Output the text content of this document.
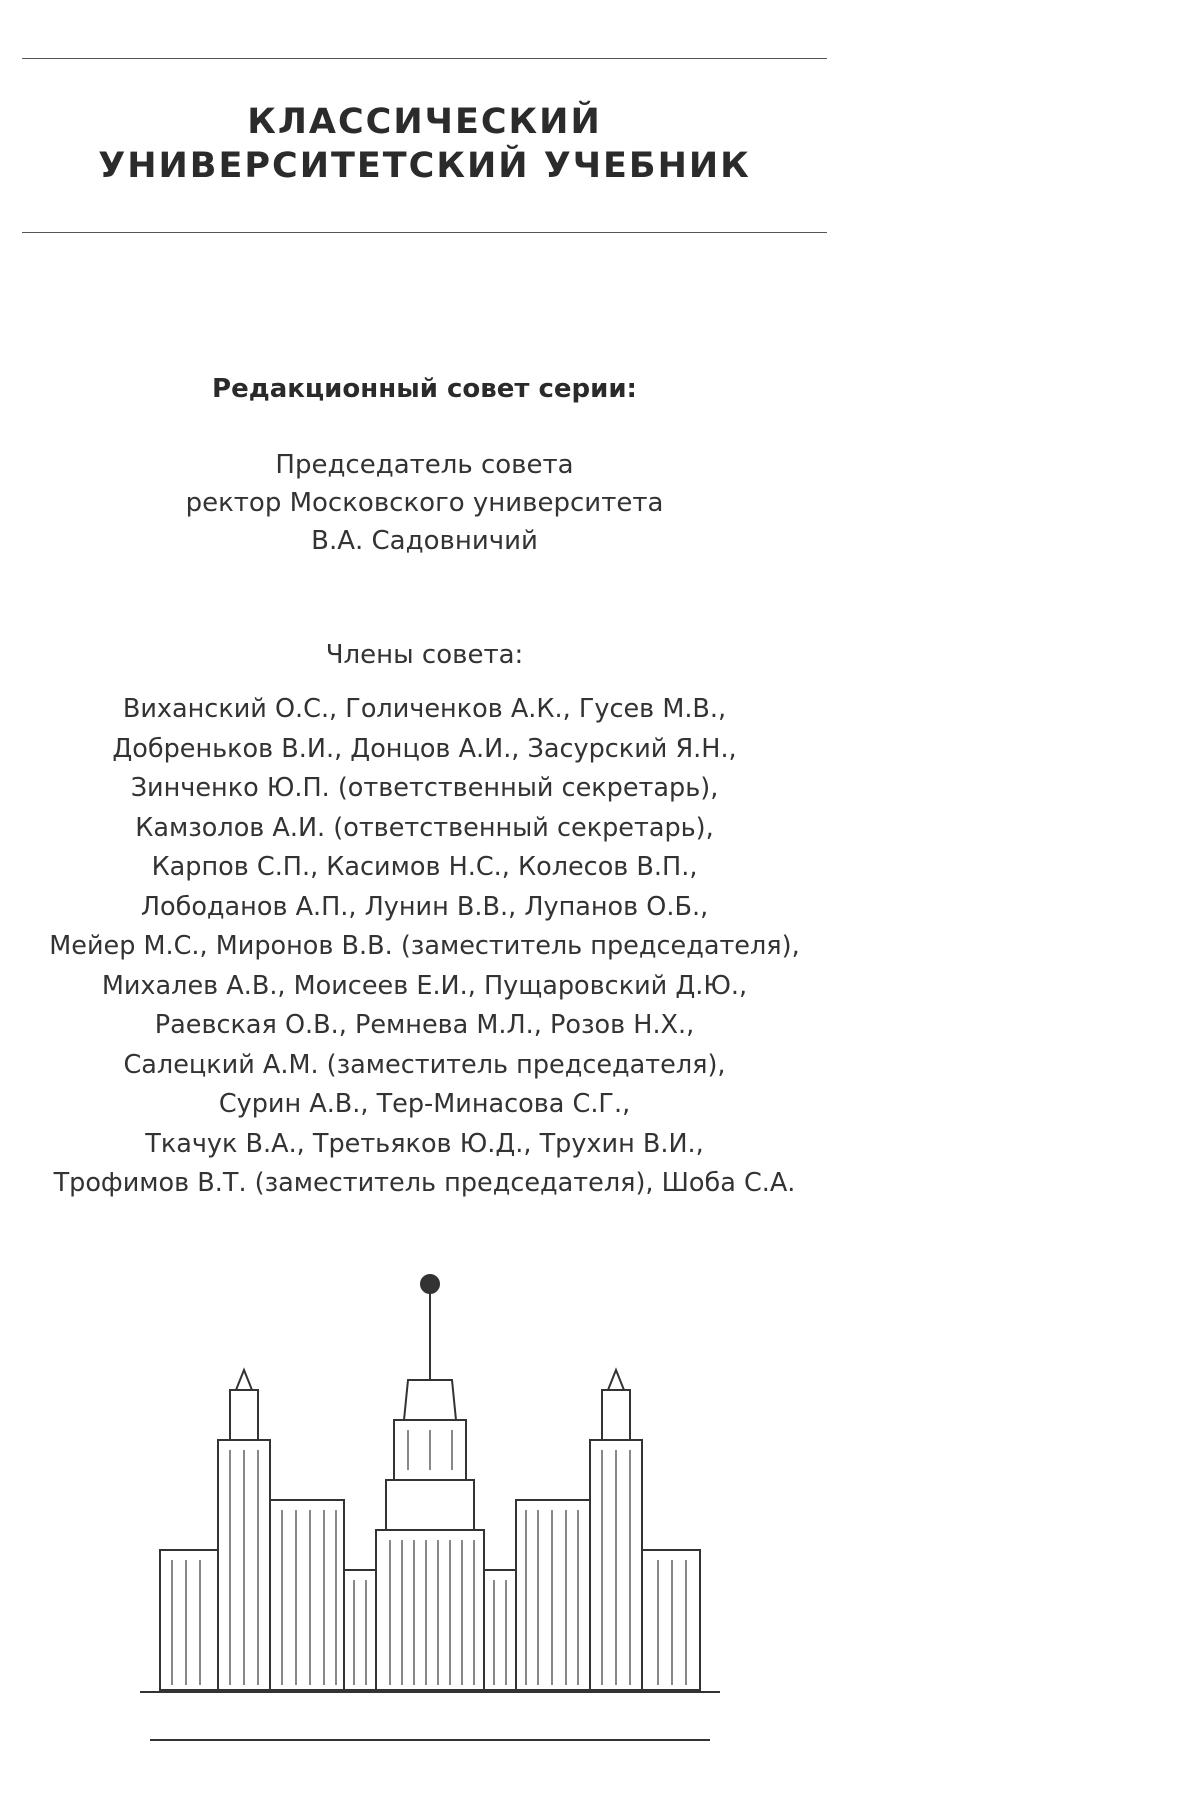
КЛАССИЧЕСКИЙ
УНИВЕРСИТЕТСКИЙ УЧЕБНИК
Редакционный совет серии:
Председатель совета
ректор Московского университета
В.А. Садовничий
Члены совета:
Виханский О.С., Голиченков А.К., Гусев М.В.,
Добреньков В.И., Донцов А.И., Засурский Я.Н.,
Зинченко Ю.П. (ответственный секретарь),
Камзолов А.И. (ответственный секретарь),
Карпов С.П., Касимов Н.С., Колесов В.П.,
Лободанов А.П., Лунин В.В., Лупанов О.Б.,
Мейер М.С., Миронов В.В. (заместитель председателя),
Михалев А.В., Моисеев Е.И., Пущаровский Д.Ю.,
Раевская О.В., Ремнева М.Л., Розов Н.Х.,
Салецкий А.М. (заместитель председателя),
Сурин А.В., Тер-Минасова С.Г.,
Ткачук В.А., Третьяков Ю.Д., Трухин В.И.,
Трофимов В.Т. (заместитель председателя), Шоба С.А.
